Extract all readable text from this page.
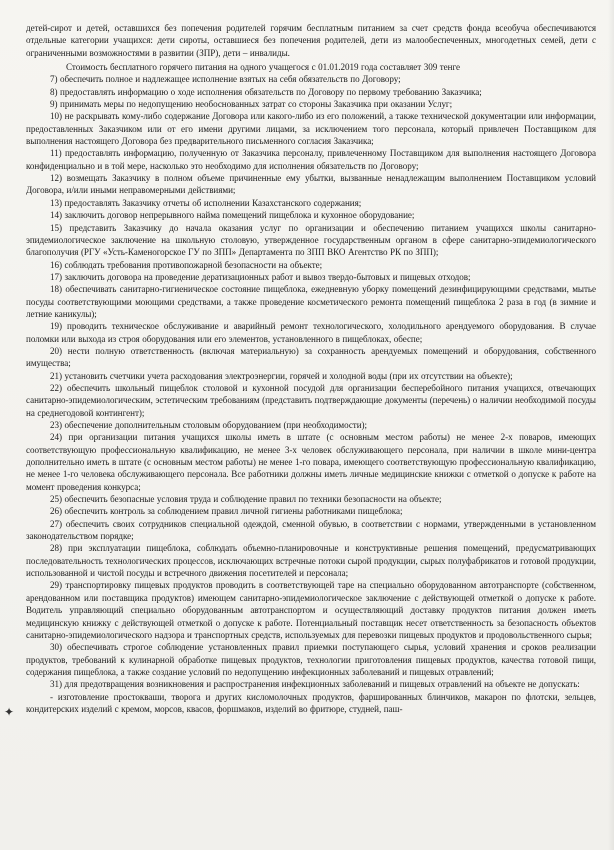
детей-сирот и детей, оставшихся без попечения родителей горячим бесплатным питанием за счет средств фонда всеобуча обеспечиваются отдельные категории учащихся: дети сироты, оставшиеся без попечения родителей, дети из малообеспеченных, многодетных семей, дети с ограниченными возможностями в развитии (ЗПР), дети – инвалиды.

Стоимость бесплатного горячего питания на одного учащегося с 01.01.2019 года составляет 309 тенге

7) обеспечить полное и надлежащее исполнение взятых на себя обязательств по Договору;

8) предоставлять информацию о ходе исполнения обязательств по Договору по первому требованию Заказчика;

9) принимать меры по недопущению необоснованных затрат со стороны Заказчика при оказании Услуг;

10) не раскрывать кому-либо содержание Договора или какого-либо из его положений, а также технической документации или информации, предоставленных Заказчиком или от его имени другими лицами, за исключением того персонала, который привлечен Поставщиком для выполнения настоящего Договора без предварительного письменного согласия Заказчика;

11) предоставлять информацию, полученную от Заказчика персоналу, привлеченному Поставщиком для выполнения настоящего Договора конфиденциально и в той мере, насколько это необходимо для исполнения обязательств по Договору;

12) возмещать Заказчику в полном объеме причиненные ему убытки, вызванные ненадлежащим выполнением Поставщиком условий Договора, и/или иными неправомерными действиями;

13) предоставлять Заказчику отчеты об исполнении Казахстанского содержания;

14) заключить договор непрерывного найма помещений пищеблока и кухонное оборудование;

15) представить Заказчику до начала оказания услуг по организации и обеспечению питанием учащихся школы санитарно-эпидемиологическое заключение на школьную столовую, утвержденное государственным органом в сфере санитарно-эпидемиологического благополучия (РГУ «Усть-Каменогорское ГУ по ЗПП» Департамента по ЗПП ВКО Агентство РК по ЗПП);

16) соблюдать требования противопожарной безопасности на объекте;

17) заключить договора на проведение дератизационных работ и вывоз твердо-бытовых и пищевых отходов;

18) обеспечивать санитарно-гигиеническое состояние пищеблока, ежедневную уборку помещений дезинфицирующими средствами, мытье посуды соответствующими моющими средствами, а также проведение косметического ремонта помещений пищеблока 2 раза в год (в зимние и летние каникулы);

19) проводить техническое обслуживание и аварийный ремонт технологического, холодильного арендуемого оборудования. В случае поломки или выхода из строя оборудования или его элементов, установленного в пищеблоках, обеспе;

20) нести полную ответственность (включая материальную) за сохранность арендуемых помещений и оборудования, собственного имущества;

21) установить счетчики учета расходования электроэнергии, горячей и холодной воды (при их отсутствии на объекте);

22) обеспечить школьный пищеблок столовой и кухонной посудой для организации бесперебойного питания учащихся, отвечающих санитарно-эпидемиологическим, эстетическим требованиям (представить подтверждающие документы (перечень) о наличии необходимой посуды на среднегодовой контингент);

23) обеспечение дополнительным столовым оборудованием (при необходимости);

24) при организации питания учащихся школы иметь в штате (с основным местом работы) не менее 2-х поваров, имеющих соответствующую профессиональную квалификацию, не менее 3-х человек обслуживающего персонала, при наличии в школе мини-центра дополнительно иметь в штате (с основным местом работы) не менее 1-го повара, имеющего соответствующую профессиональную квалификацию, не менее 1-го человека обслуживающего персонала. Все работники должны иметь личные медицинские книжки с отметкой о допуске к работе на момент проведения конкурса;

25) обеспечить безопасные условия труда и соблюдение правил по техники безопасности на объекте;

26) обеспечить контроль за соблюдением правил личной гигиены работниками пищеблока;

27) обеспечить своих сотрудников специальной одеждой, сменной обувью, в соответствии с нормами, утвержденными в установленном законодательством порядке;

28) при эксплуатации пищеблока, соблюдать объемно-планировочные и конструктивные решения помещений, предусматривающих последовательность технологических процессов, исключающих встречные потоки сырой продукции, сырых полуфабрикатов и готовой продукции, использованной и чистой посуды и встречного движения посетителей и персонала;

29) транспортировку пищевых продуктов проводить в соответствующей таре на специально оборудованном автотранспорте (собственном, арендованном или поставщика продуктов) имеющем санитарно-эпидемиологическое заключение с действующей отметкой о допуске к работе. Водитель управляющий специально оборудованным автотранспортом и осуществляющий доставку продуктов питания должен иметь медицинскую книжку с действующей отметкой о допуске к работе. Потенциальный поставщик несет ответственность за безопасность объектов санитарно-эпидемиологического надзора и транспортных средств, используемых для перевозки пищевых продуктов и продовольственного сырья;

30) обеспечивать строгое соблюдение установленных правил приемки поступающего сырья, условий хранения и сроков реализации продуктов, требований к кулинарной обработке пищевых продуктов, технологии приготовления пищевых продуктов, качества готовой пищи, содержания пищеблока, а также создание условий по недопущению инфекционных заболеваний и пищевых отравлений;

31) для предотвращения возникновения и распространения инфекционных заболеваний и пищевых отравлений на объекте не допускать:

- изготовление простокваши, творога и других кисломолочных продуктов, фаршированных блинчиков, макарон по флотски, зельцев, кондитерских изделий с кремом, морсов, квасов, форшмаков, изделий во фритюре, студней, паш-

✦
